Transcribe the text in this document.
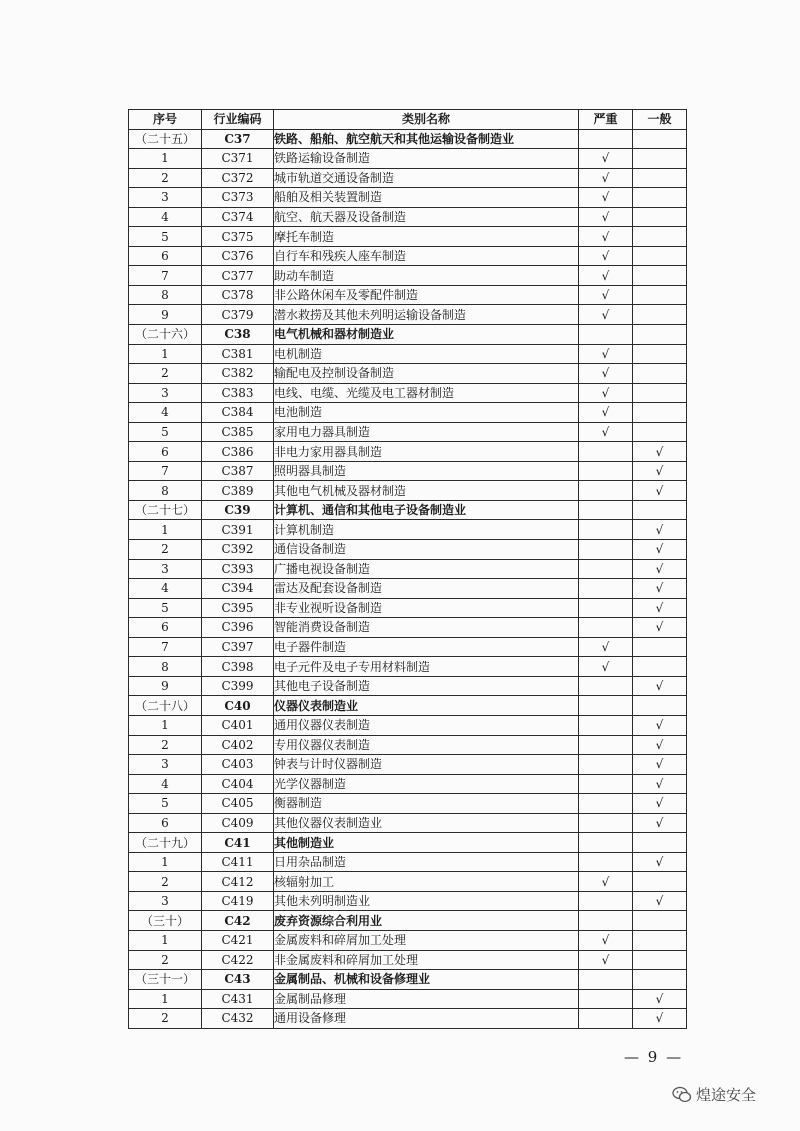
序号	行业编码	类别名称	严重	一般
（二十五）	C37	铁路、船舶、航空航天和其他运输设备制造业		
1	C371	铁路运输设备制造	√	
2	C372	城市轨道交通设备制造	√	
3	C373	船舶及相关装置制造	√	
4	C374	航空、航天器及设备制造	√	
5	C375	摩托车制造	√	
6	C376	自行车和残疾人座车制造	√	
7	C377	助动车制造	√	
8	C378	非公路休闲车及零配件制造	√	
9	C379	潜水救捞及其他未列明运输设备制造	√	
（二十六）	C38	电气机械和器材制造业		
1	C381	电机制造	√	
2	C382	输配电及控制设备制造	√	
3	C383	电线、电缆、光缆及电工器材制造	√	
4	C384	电池制造	√	
5	C385	家用电力器具制造	√	
6	C386	非电力家用器具制造		√
7	C387	照明器具制造		√
8	C389	其他电气机械及器材制造		√
（二十七）	C39	计算机、通信和其他电子设备制造业		
1	C391	计算机制造		√
2	C392	通信设备制造		√
3	C393	广播电视设备制造		√
4	C394	雷达及配套设备制造		√
5	C395	非专业视听设备制造		√
6	C396	智能消费设备制造		√
7	C397	电子器件制造	√	
8	C398	电子元件及电子专用材料制造	√	
9	C399	其他电子设备制造		√
（二十八）	C40	仪器仪表制造业		
1	C401	通用仪器仪表制造		√
2	C402	专用仪器仪表制造		√
3	C403	钟表与计时仪器制造		√
4	C404	光学仪器制造		√
5	C405	衡器制造		√
6	C409	其他仪器仪表制造业		√
（二十九）	C41	其他制造业		
1	C411	日用杂品制造		√
2	C412	核辐射加工	√	
3	C419	其他未列明制造业		√
（三十）	C42	废弃资源综合利用业		
1	C421	金属废料和碎屑加工处理	√	
2	C422	非金属废料和碎屑加工处理	√	
（三十一）	C43	金属制品、机械和设备修理业		
1	C431	金属制品修理		√
2	C432	通用设备修理		√
— 9 —
煌途安全
